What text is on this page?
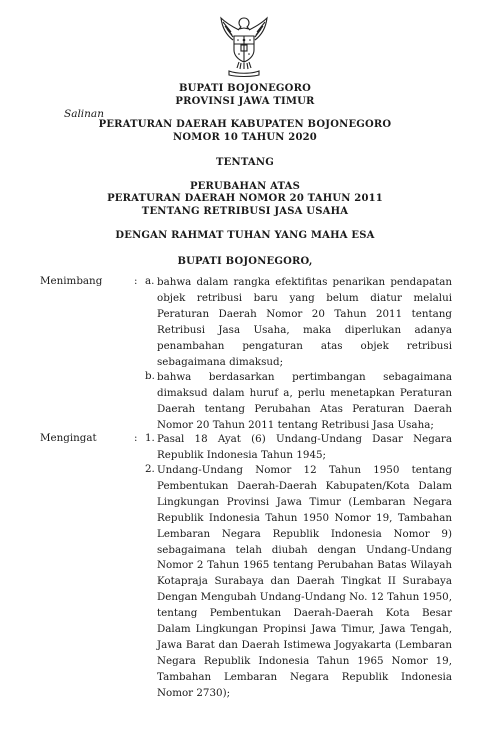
Salinan
BUPATI BOJONEGORO
PROVINSI JAWA TIMUR
PERATURAN DAERAH KABUPATEN BOJONEGORO
NOMOR 10 TAHUN 2020
TENTANG
PERUBAHAN ATAS
PERATURAN DAERAH NOMOR 20 TAHUN 2011
TENTANG RETRIBUSI JASA USAHA
DENGAN RAHMAT TUHAN YANG MAHA ESA
BUPATI BOJONEGORO,
Menimbang	: a. bahwa dalam rangka efektifitas penarikan pendapatan objek retribusi baru yang belum diatur melalui Peraturan Daerah Nomor 20 Tahun 2011 tentang Retribusi Jasa Usaha, maka diperlukan adanya penambahan pengaturan atas objek retribusi sebagaimana dimaksud;
b. bahwa berdasarkan pertimbangan sebagaimana dimaksud dalam huruf a, perlu menetapkan Peraturan Daerah tentang Perubahan Atas Peraturan Daerah Nomor 20 Tahun 2011 tentang Retribusi Jasa Usaha;
Mengingat	: 1. Pasal 18 Ayat (6) Undang-Undang Dasar Negara Republik Indonesia Tahun 1945;
2. Undang-Undang Nomor 12 Tahun 1950 tentang Pembentukan Daerah-Daerah Kabupaten/Kota Dalam Lingkungan Provinsi Jawa Timur (Lembaran Negara Republik Indonesia Tahun 1950 Nomor 19, Tambahan Lembaran Negara Republik Indonesia Nomor 9) sebagaimana telah diubah dengan Undang-Undang Nomor 2 Tahun 1965 tentang Perubahan Batas Wilayah Kotapraja Surabaya dan Daerah Tingkat II Surabaya Dengan Mengubah Undang-Undang No. 12 Tahun 1950, tentang Pembentukan Daerah-Daerah Kota Besar Dalam Lingkungan Propinsi Jawa Timur, Jawa Tengah, Jawa Barat dan Daerah Istimewa Jogyakarta (Lembaran Negara Republik Indonesia Tahun 1965 Nomor 19, Tambahan Lembaran Negara Republik Indonesia Nomor 2730);
